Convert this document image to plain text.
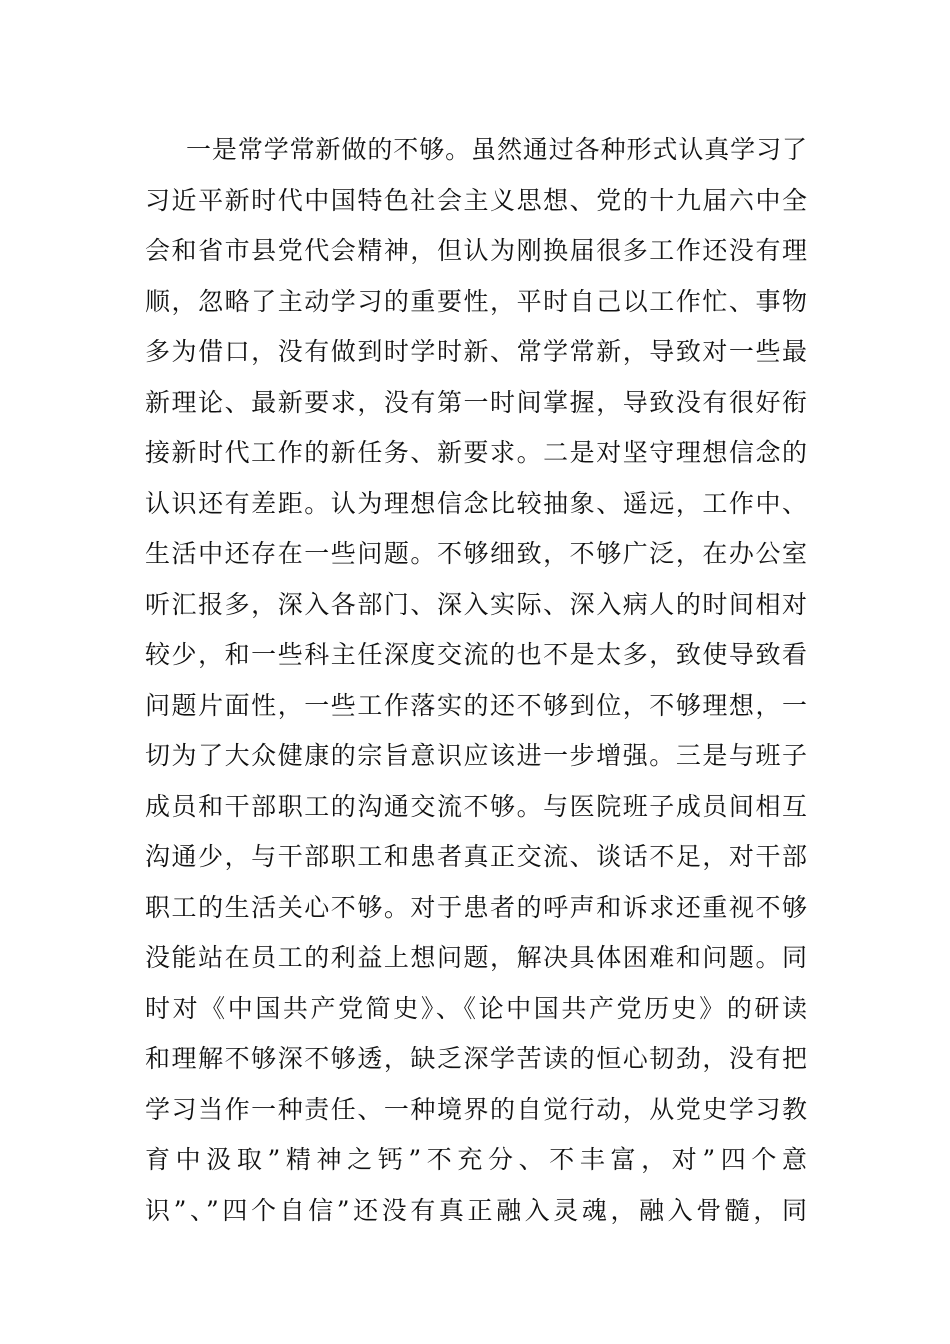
一是常学常新做的不够。虽然通过各种形式认真学习了

习近平新时代中国特色社会主义思想、党的十九届六中全

会和省市县党代会精神，但认为刚换届很多工作还没有理

顺，忽略了主动学习的重要性，平时自己以工作忙、事物

多为借口，没有做到时学时新、常学常新，导致对一些最

新理论、最新要求，没有第一时间掌握，导致没有很好衔

接新时代工作的新任务、新要求。二是对坚守理想信念的

认识还有差距。认为理想信念比较抽象、遥远，工作中、

生活中还存在一些问题。不够细致，不够广泛，在办公室

听汇报多，深入各部门、深入实际、深入病人的时间相对

较少，和一些科主任深度交流的也不是太多，致使导致看

问题片面性，一些工作落实的还不够到位，不够理想，一

切为了大众健康的宗旨意识应该进一步增强。三是与班子

成员和干部职工的沟通交流不够。与医院班子成员间相互

沟通少，与干部职工和患者真正交流、谈话不足，对干部

职工的生活关心不够。对于患者的呼声和诉求还重视不够

没能站在员工的利益上想问题，解决具体困难和问题。同

时对《中国共产党简史》、《论中国共产党历史》的研读

和理解不够深不够透，缺乏深学苦读的恒心韧劲，没有把

学习当作一种责任、一种境界的自觉行动，从党史学习教

育中汲取”精神之钙”不充分、不丰富，对”四个意

识”、”四个自信”还没有真正融入灵魂，融入骨髓，同
